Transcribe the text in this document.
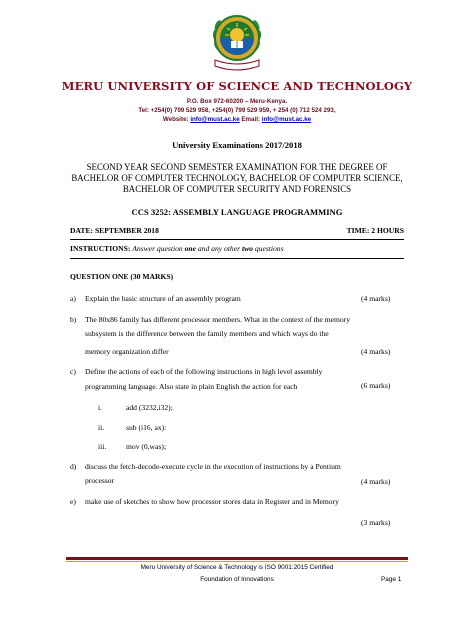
MERU UNIVERSITY OF SCIENCE AND TECHNOLOGY
P.O. Box 972-60200 – Meru-Kenya.
Tel: +254(0) 799 529 958, +254(0) 799 529 959, + 254 (0) 712 524 293,
Website: info@must.ac.ke Email: info@must.ac.ke
University Examinations 2017/2018
SECOND YEAR SECOND SEMESTER EXAMINATION FOR THE DEGREE OF
BACHELOR OF COMPUTER TECHNOLOGY, BACHELOR OF COMPUTER SCIENCE,
BACHELOR OF COMPUTER SECURITY AND FORENSICS
CCS 3252: ASSEMBLY LANGUAGE PROGRAMMING
DATE: SEPTEMBER 2018	TIME: 2 HOURS
INSTRUCTIONS: Answer question one and any other two questions
QUESTION ONE (30 MARKS)
a) Explain the basic structure of an assembly program	(4 marks)
b) The 80x86 family has different processor members. What in the context of the memory
subsystem is the difference between the family members and which ways do the
memory organization differ	(4 marks)
c) Define the actions of each of the following instructions in high level assembly
programming language. Also state in plain English the action for each	(6 marks)
i.	add (3232,i32);
ii.	sub (i16, ax):
iii.	mov (0,was);
d) discuss the fetch-decode-execute cycle in the execution of instructions by a Pentium
processor	(4 marks)
e) make use of sketches to show how processor stores data in Register and in Memory
(3 marks)
Meru University of Science & Technology is ISO 9001:2015 Certified
Foundation of Innovations	Page 1
